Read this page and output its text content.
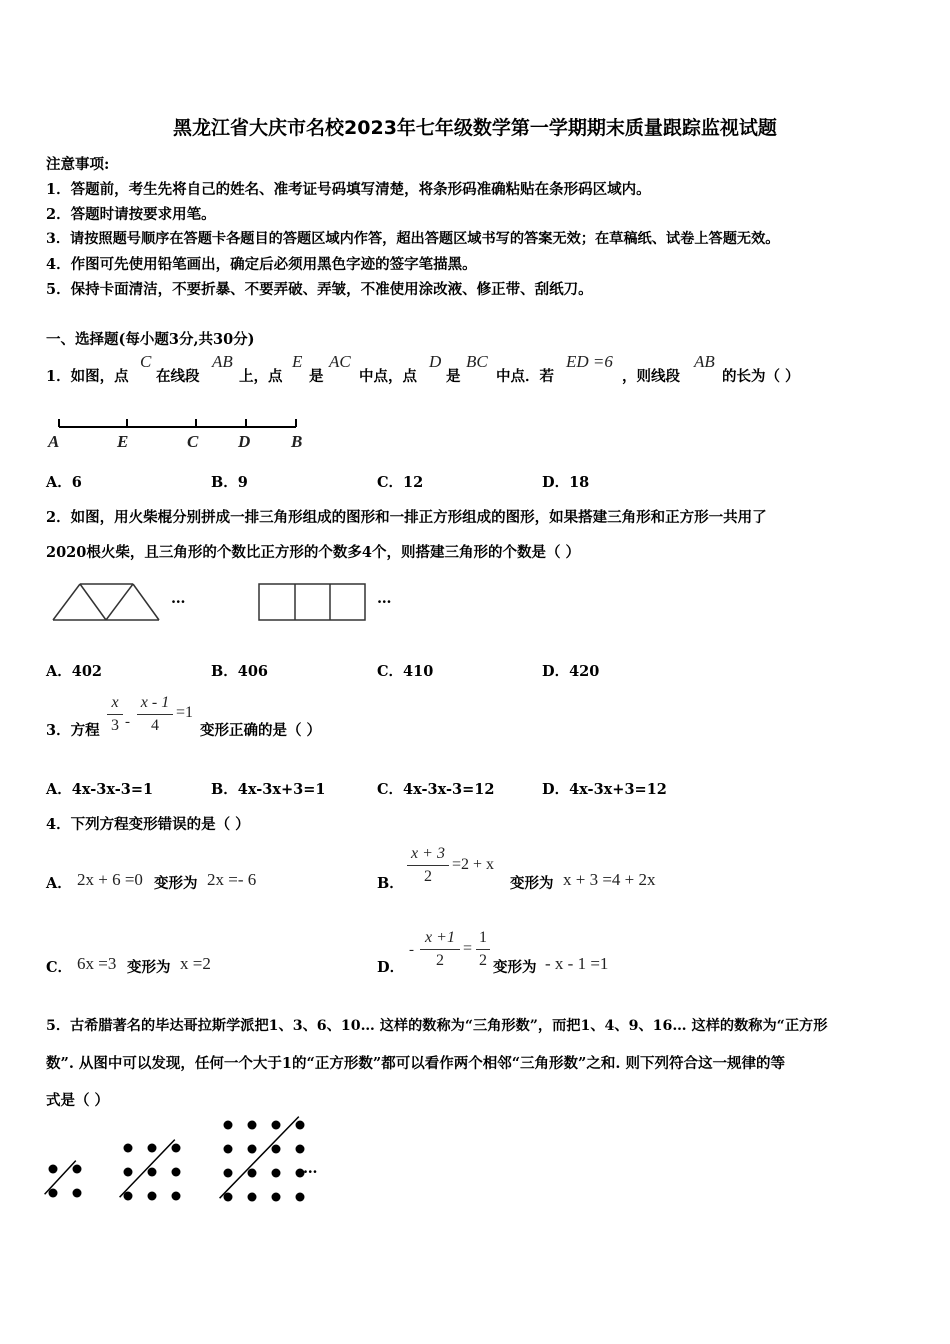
黑龙江省大庆市名校2023年七年级数学第一学期期末质量跟踪监视试题
注意事项:
1．答题前，考生先将自己的姓名、准考证号码填写清楚，将条形码准确粘贴在条形码区域内。
2．答题时请按要求用笔。
3．请按照题号顺序在答题卡各题目的答题区域内作答，超出答题区域书写的答案无效；在草稿纸、试卷上答题无效。
4．作图可先使用铅笔画出，确定后必须用黑色字迹的签字笔描黑。
5．保持卡面清洁，不要折暴、不要弄破、弄皱，不准使用涂改液、修正带、刮纸刀。
一、选择题(每小题3分,共30分)
1．如图，点
C
在线段
AB
上，点
E
是
AC
中点，点
D
是
BC
中点．若
ED =6
，则线段
AB
的长为（ ）
A	E	C D B
A．6	B．9	C．12	D．18
2．如图，用火柴棍分别拼成一排三角形组成的图形和一排正方形组成的图形，如果搭建三角形和正方形一共用了
2020根火柴，且三角形的个数比正方形的个数多4个，则搭建三角形的个数是（ ）
…	…
A．402	B．406	C．410	D．420
3．方程
x
3 -
x - 1
4
=1
变形正确的是（ ）
A．4x-3x-3=1	B．4x-3x+3=1	C．4x-3x-3=12	D．4x-3x+3=12
4．下列方程变形错误的是（ ）
A． 2x + 6 =0 变形为 2x =- 6	B．
x + 3
2
=2 + x
变形为 x + 3 =4 + 2x
C． 6x =3 变形为 x =2	D．
-
x +1
2
=
1
2 变形为 - x - 1 =1
5．古希腊著名的毕达哥拉斯学派把1、3、6、10… 这样的数称为“三角形数”，而把1、4、9、16… 这样的数称为“正方形
数”. 从图中可以发现，任何一个大于1的“正方形数”都可以看作两个相邻“三角形数”之和. 则下列符合这一规律的等
式是（ ）
…
